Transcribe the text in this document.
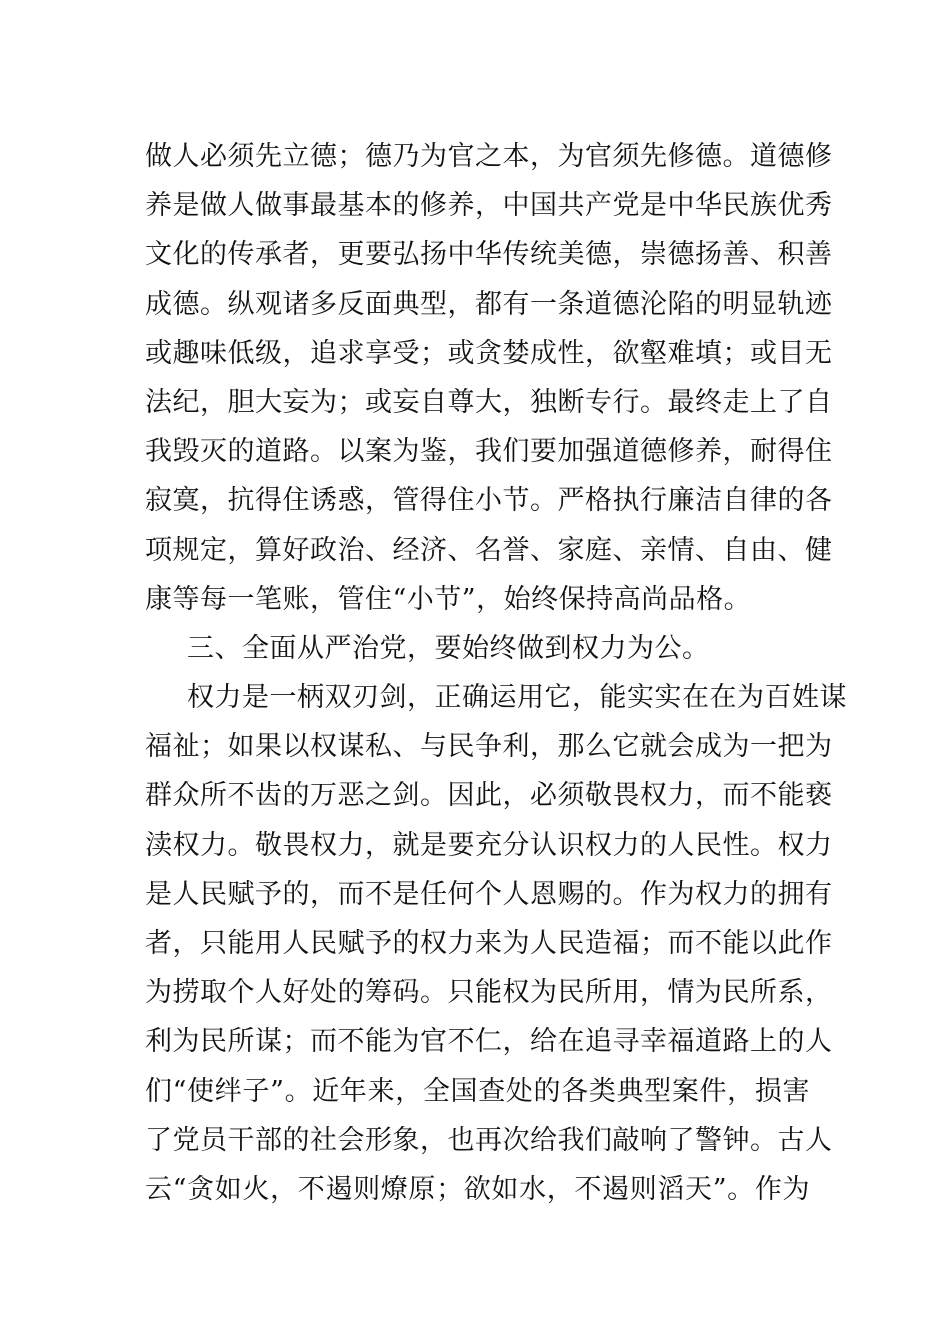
做人必须先立德；德乃为官之本，为官须先修德。道德修
养是做人做事最基本的修养，中国共产党是中华民族优秀
文化的传承者，更要弘扬中华传统美德，崇德扬善、积善
成德。纵观诸多反面典型，都有一条道德沦陷的明显轨迹
或趣味低级，追求享受；或贪婪成性，欲壑难填；或目无
法纪，胆大妄为；或妄自尊大，独断专行。最终走上了自
我毁灭的道路。以案为鉴，我们要加强道德修养，耐得住
寂寞，抗得住诱惑，管得住小节。严格执行廉洁自律的各
项规定，算好政治、经济、名誉、家庭、亲情、自由、健
康等每一笔账，管住“小节”，始终保持高尚品格。
三、全面从严治党，要始终做到权力为公。
权力是一柄双刃剑，正确运用它，能实实在在为百姓谋
福祉；如果以权谋私、与民争利，那么它就会成为一把为
群众所不齿的万恶之剑。因此，必须敬畏权力，而不能亵
渎权力。敬畏权力，就是要充分认识权力的人民性。权力
是人民赋予的，而不是任何个人恩赐的。作为权力的拥有
者，只能用人民赋予的权力来为人民造福；而不能以此作
为捞取个人好处的筹码。只能权为民所用，情为民所系，
利为民所谋；而不能为官不仁，给在追寻幸福道路上的人
们“使绊子”。近年来，全国查处的各类典型案件，损害
了党员干部的社会形象，也再次给我们敲响了警钟。古人
云“贪如火，不遏则燎原；欲如水，不遏则滔天”。作为
